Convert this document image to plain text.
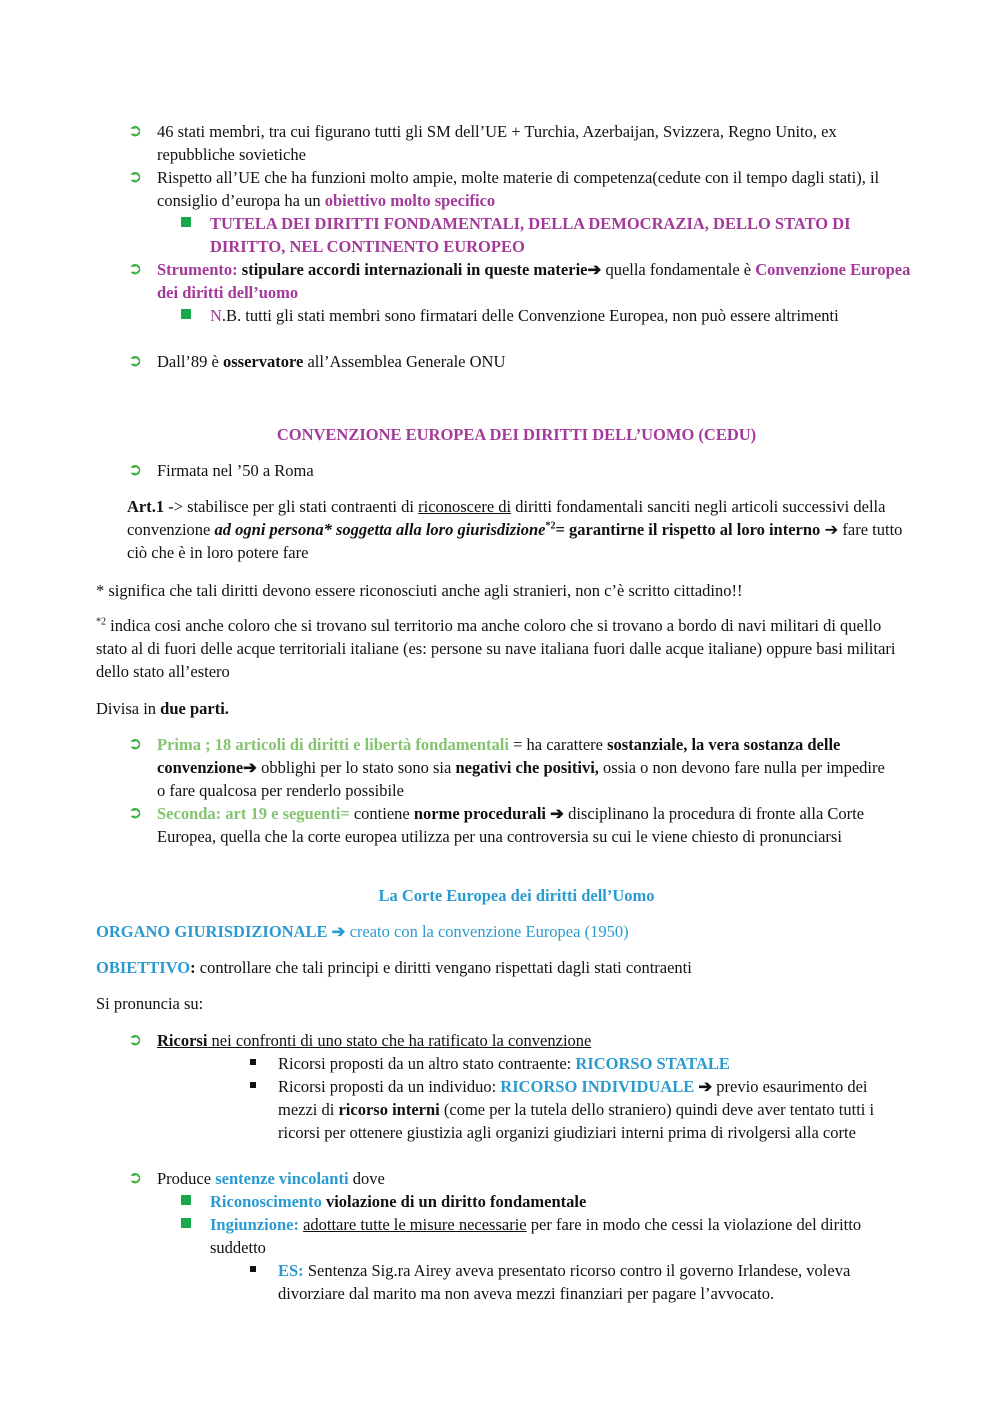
➲ 46 stati membri, tra cui figurano tutti gli SM dell’UE + Turchia, Azerbaijan, Svizzera, Regno Unito, ex repubbliche sovietiche
➲ Rispetto all’UE che ha funzioni molto ampie, molte materie di competenza(cedute con il tempo dagli stati), il consiglio d’europa ha un obiettivo molto specifico
TUTELA DEI DIRITTI FONDAMENTALI, DELLA DEMOCRAZIA, DELLO STATO DI DIRITTO, NEL CONTINENTO EUROPEO
➲ Strumento: stipulare accordi internazionali in queste materie➔ quella fondamentale è Convenzione Europea dei diritti dell’uomo
N.B. tutti gli stati membri sono firmatari delle Convenzione Europea, non può essere altrimenti
➲ Dall’89 è osservatore all’Assemblea Generale ONU
CONVENZIONE EUROPEA DEI DIRITTI DELL’UOMO (CEDU)
➲ Firmata nel ’50 a Roma
Art.1 -> stabilisce per gli stati contraenti di riconoscere di diritti fondamentali sanciti negli articoli successivi della convenzione ad ogni persona* soggetta alla loro giurisdizione$^{*2}$= garantirne il rispetto al loro interno ➔ fare tutto ciò che è in loro potere fare
* significa che tali diritti devono essere riconosciuti anche agli stranieri, non c’è scritto cittadino!!
$^{*2}$ indica cosi anche coloro che si trovano sul territorio ma anche coloro che si trovano a bordo di navi militari di quello stato al di fuori delle acque territoriali italiane (es: persone su nave italiana fuori dalle acque italiane) oppure basi militari dello stato all’estero
Divisa in due parti.
➲ Prima ; 18 articoli di diritti e libertà fondamentali = ha carattere sostanziale, la vera sostanza delle convenzione➔ obblighi per lo stato sono sia negativi che positivi, ossia o non devono fare nulla per impedire o fare qualcosa per renderlo possibile
➲ Seconda: art 19 e seguenti= contiene norme procedurali ➔ disciplinano la procedura di fronte alla Corte Europea, quella che la corte europea utilizza per una controversia su cui le viene chiesto di pronunciarsi
La Corte Europea dei diritti dell’Uomo
ORGANO GIURISDIZIONALE ➔ creato con la convenzione Europea (1950)
OBIETTIVO: controllare che tali principi e diritti vengano rispettati dagli stati contraenti
Si pronuncia su:
➲ Ricorsi nei confronti di uno stato che ha ratificato la convenzione
Ricorsi proposti da un altro stato contraente: RICORSO STATALE
Ricorsi proposti da un individuo: RICORSO INDIVIDUALE ➔ previo esaurimento dei mezzi di ricorso interni (come per la tutela dello straniero) quindi deve aver tentato tutti i ricorsi per ottenere giustizia agli organizi giudiziari interni prima di rivolgersi alla corte
➲ Produce sentenze vincolanti dove
Riconoscimento violazione di un diritto fondamentale
Ingiunzione: adottare tutte le misure necessarie per fare in modo che cessi la violazione del diritto suddetto
ES: Sentenza Sig.ra Airey aveva presentato ricorso contro il governo Irlandese, voleva divorziare dal marito ma non aveva mezzi finanziari per pagare l’avvocato.
